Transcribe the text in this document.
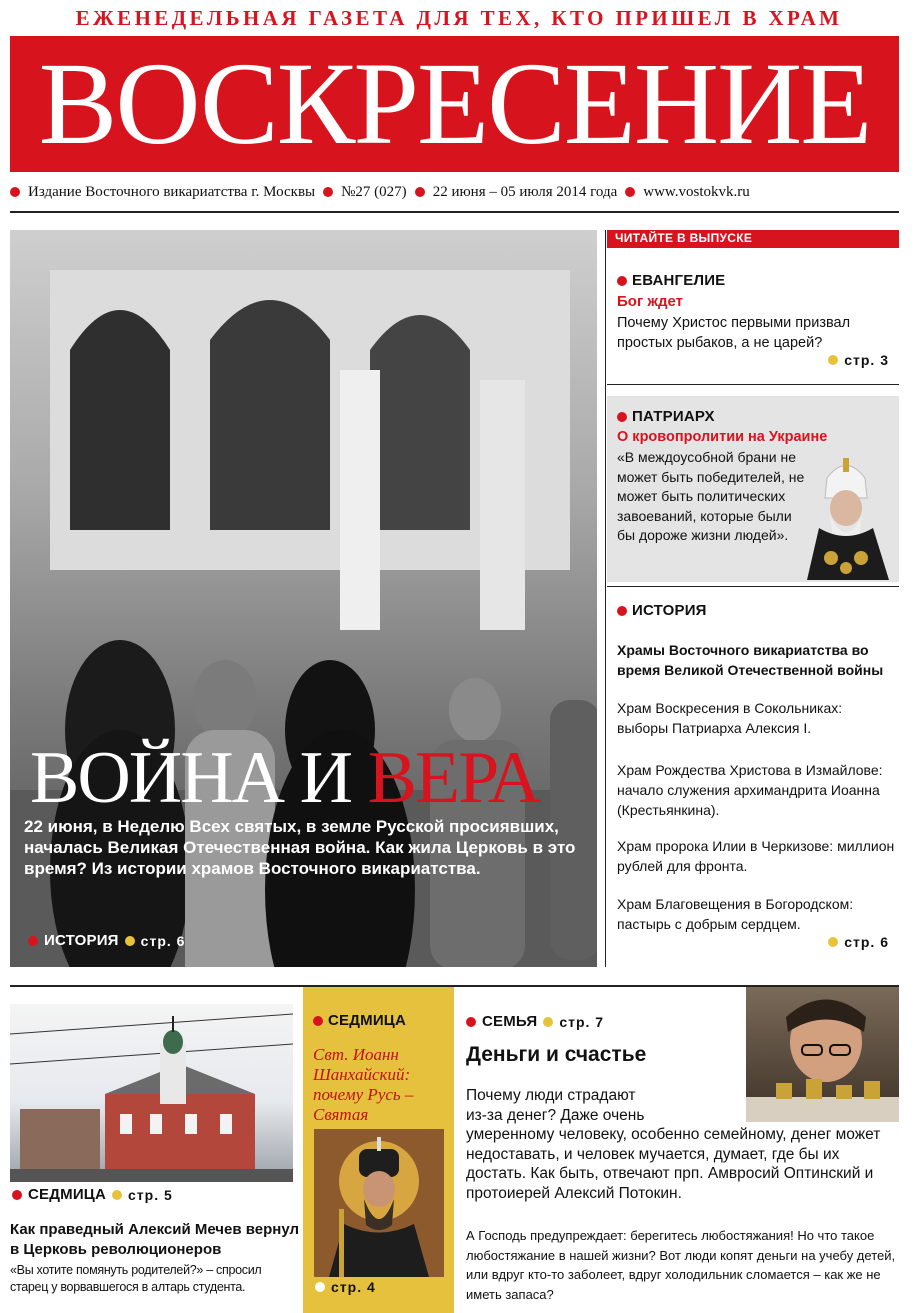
ЕЖЕНЕДЕЛЬНАЯ ГАЗЕТА ДЛЯ ТЕХ, КТО ПРИШЕЛ В ХРАМ
ВОСКРЕСЕНИЕ
Издание Восточного викариатства г. Москвы №27 (027) 22 июня – 05 июля 2014 года www.vostokvk.ru
ВОЙНА И ВЕРА
22 июня, в Неделю Всех святых, в земле Русской просиявших, началась Великая Отечественная война. Как жила Церковь в это время? Из истории храмов Восточного викариатства.
ИСТОРИЯ стр. 6
ЧИТАЙТЕ В ВЫПУСКЕ
ЕВАНГЕЛИЕ
Бог ждет
Почему Христос первыми призвал простых рыбаков, а не царей?
стр. 3
ПАТРИАРХ
О кровопролитии на Украине
«В междоусобной брани не может быть победителей, не может быть политических завоеваний, которые были бы дороже жизни людей».
ИСТОРИЯ
Храмы Восточного викариатства во время Великой Отечественной войны
Храм Воскресения в Сокольниках: выборы Патриарха Алексия I.
Храм Рождества Христова в Измайлове: начало служения архимандрита Иоанна (Крестьянкина).
Храм пророка Илии в Черкизове: миллион рублей для фронта.
Храм Благовещения в Богородском: пастырь с добрым сердцем.
стр. 6
СЕДМИЦА стр. 5
Как праведный Алексий Мечев вернул в Церковь революционеров
«Вы хотите помянуть родителей?» – спросил старец у ворвавшегося в алтарь студента.
СЕДМИЦА
Свт. Иоанн Шанхайский: почему Русь – Святая
стр. 4
СЕМЬЯ стр. 7
Деньги и счастье
Почему люди страдают
из-за денег? Даже очень
умеренному человеку, особенно семейному, денег может недоставать, и человек мучается, думает, где бы их достать. Как быть, отвечают прп. Амвросий Оптинский и протоиерей Алексий Потокин.
А Господь предупреждает: берегитесь любостяжания! Но что такое любостяжание в нашей жизни? Вот люди копят деньги на учебу детей, или вдруг кто-то заболеет, вдруг холодильник сломается – как же не иметь запаса?
